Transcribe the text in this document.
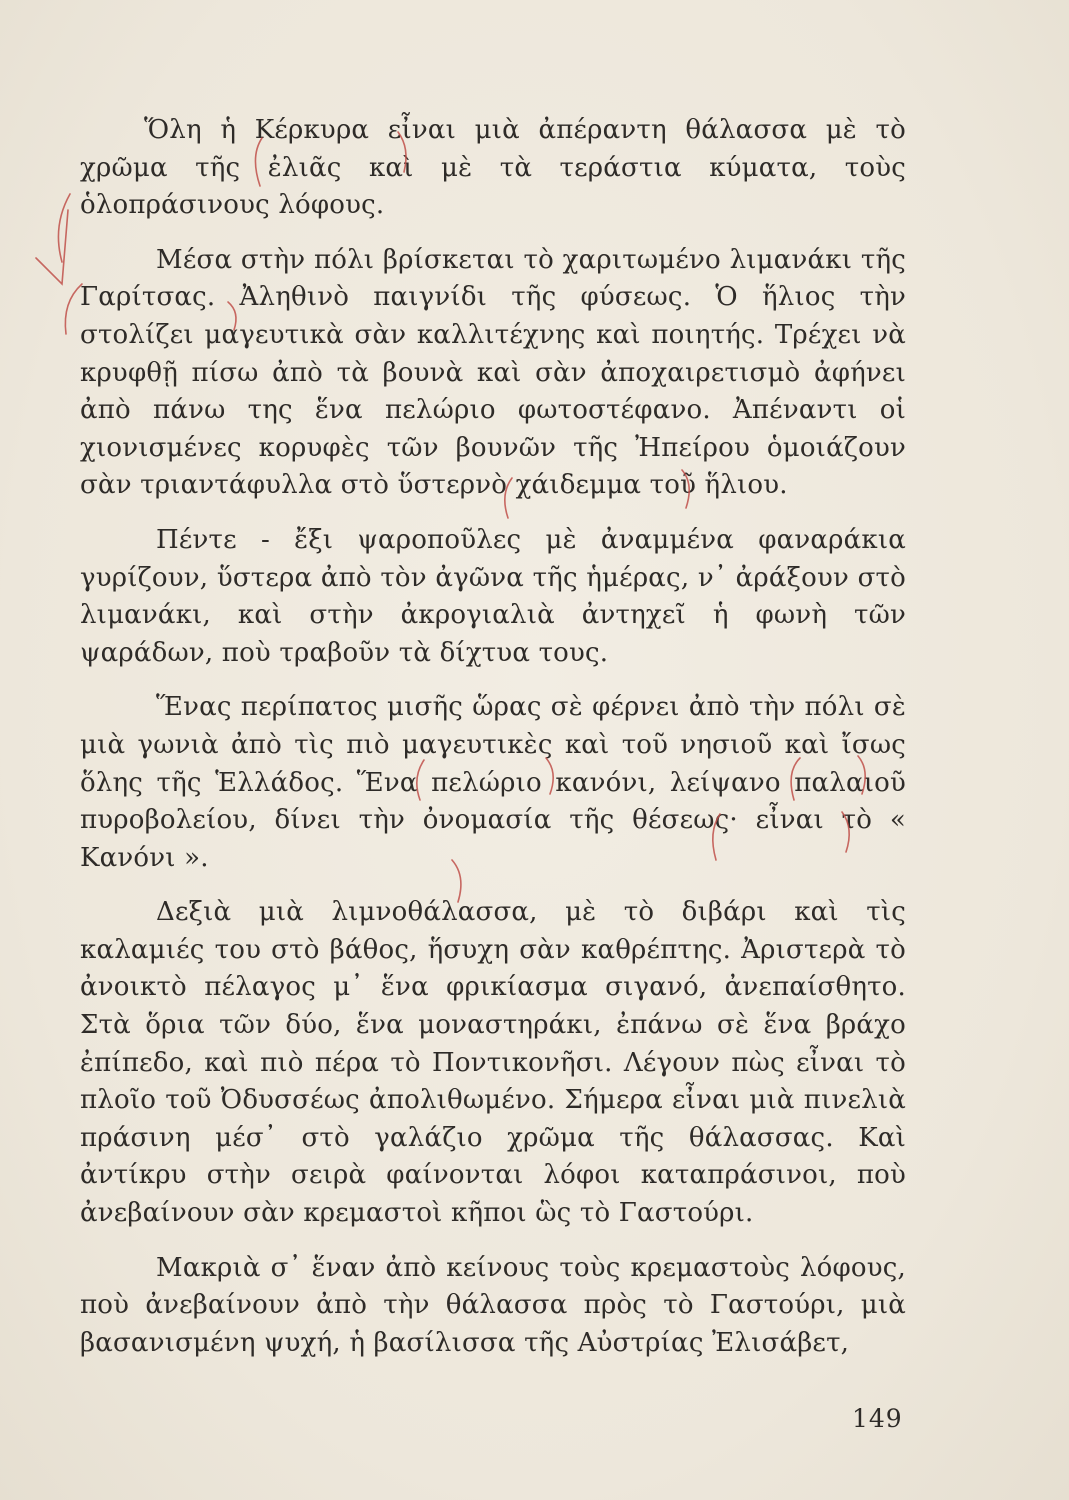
Ὅλη ἡ Κέρκυρα εἶναι μιὰ ἀπέραντη θάλασσα μὲ τὸ χρῶμα τῆς ἐλιᾶς καὶ μὲ τὰ τεράστια κύματα, τοὺς ὁλοπράσινους λόφους.

Μέσα στὴν πόλι βρίσκεται τὸ χαριτωμένο λιμανάκι τῆς Γαρίτσας. Ἀληθινὸ παιγνίδι τῆς φύσεως. Ὁ ἥλιος τὴν στολίζει μαγευτικὰ σὰν καλλιτέχνης καὶ ποιητής. Τρέχει νὰ κρυφθῇ πίσω ἀπὸ τὰ βουνὰ καὶ σὰν ἀποχαιρετισμὸ ἀφήνει ἀπὸ πάνω της ἕνα πελώριο φωτοστέφανο. Ἀπέναντι οἱ χιονισμένες κορυφὲς τῶν βουνῶν τῆς Ἠπείρου ὁμοιάζουν σὰν τριαντάφυλλα στὸ ὕστερνὸ χάιδεμμα τοῦ ἥλιου.

Πέντε - ἔξι ψαροποῦλες μὲ ἀναμμένα φαναράκια γυρίζουν, ὕστερα ἀπὸ τὸν ἀγῶνα τῆς ἡμέρας, ν᾿ ἀράξουν στὸ λιμανάκι, καὶ στὴν ἀκρογιαλιὰ ἀντηχεῖ ἡ φωνὴ τῶν ψαράδων, ποὺ τραβοῦν τὰ δίχτυα τους.

Ἕνας περίπατος μισῆς ὥρας σὲ φέρνει ἀπὸ τὴν πόλι σὲ μιὰ γωνιὰ ἀπὸ τὶς πιὸ μαγευτικὲς καὶ τοῦ νησιοῦ καὶ ἴσως ὅλης τῆς Ἑλλάδος. Ἕνα πελώριο κανόνι, λείψανο παλαιοῦ πυροβολείου, δίνει τὴν ὀνομασία τῆς θέσεως· εἶναι τὸ « Κανόνι ».

Δεξιὰ μιὰ λιμνοθάλασσα, μὲ τὸ διβάρι καὶ τὶς καλαμιές του στὸ βάθος, ἥσυχη σὰν καθρέπτης. Ἀριστερὰ τὸ ἀνοικτὸ πέλαγος μ᾿ ἕνα φρικίασμα σιγανό, ἀνεπαίσθητο. Στὰ ὅρια τῶν δύο, ἕνα μοναστηράκι, ἐπάνω σὲ ἕνα βράχο ἐπίπεδο, καὶ πιὸ πέρα τὸ Ποντικονῆσι. Λέγουν πὼς εἶναι τὸ πλοῖο τοῦ Ὀδυσσέως ἀπολιθωμένο. Σήμερα εἶναι μιὰ πινελιὰ πράσινη μέσ᾿ στὸ γαλάζιο χρῶμα τῆς θάλασσας. Καὶ ἀντίκρυ στὴν σειρὰ φαίνονται λόφοι καταπράσινοι, ποὺ ἀνεβαίνουν σὰν κρεμαστοὶ κῆποι ὣς τὸ Γαστούρι.

Μακριὰ σ᾿ ἕναν ἀπὸ κείνους τοὺς κρεμαστοὺς λόφους, ποὺ ἀνεβαίνουν ἀπὸ τὴν θάλασσα πρὸς τὸ Γαστούρι, μιὰ βασανισμένη ψυχή, ἡ βασίλισσα τῆς Αὐστρίας Ἐλισάβετ,

149
